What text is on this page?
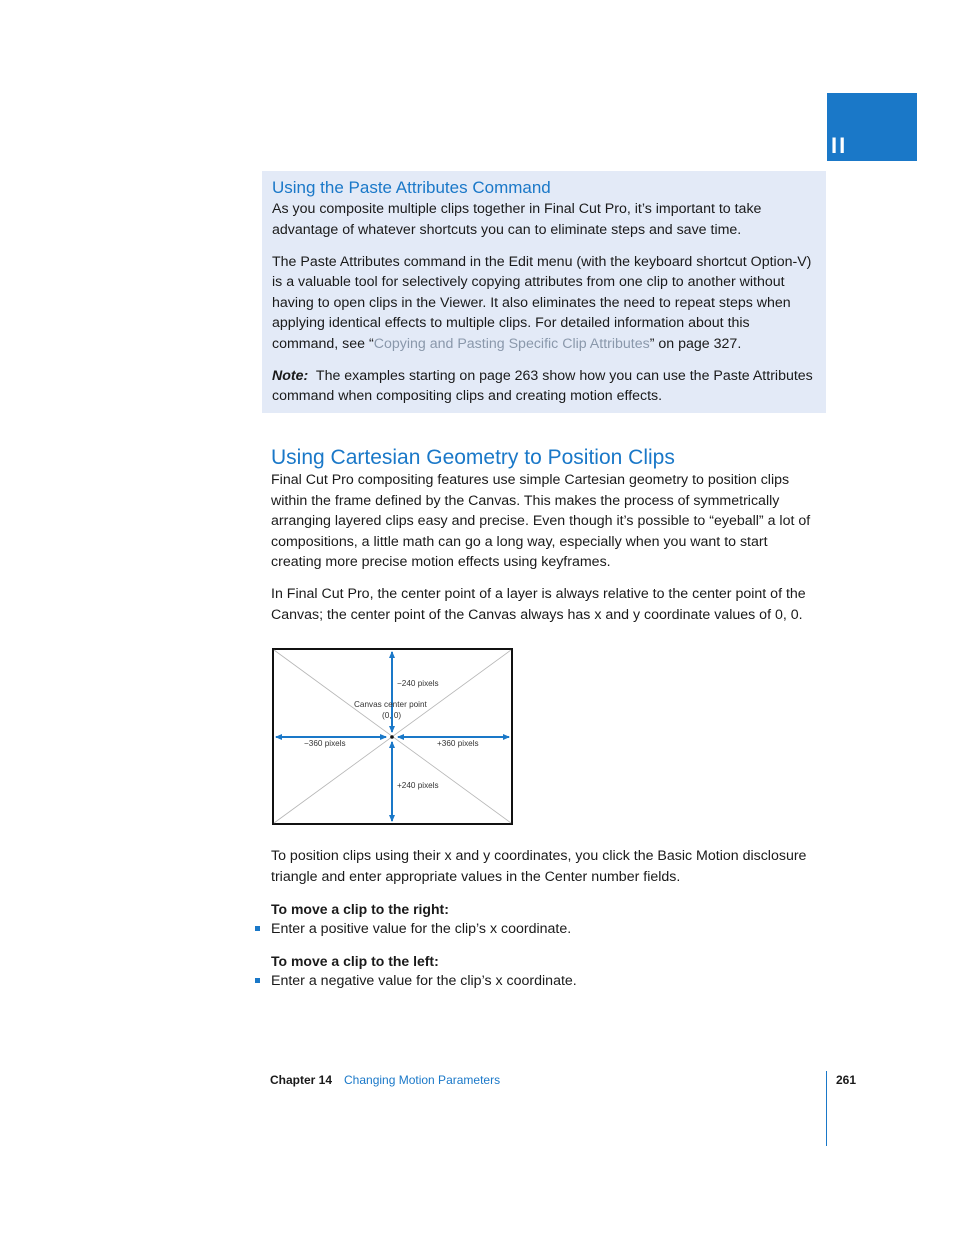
II
Using the Paste Attributes Command

As you composite multiple clips together in Final Cut Pro, it’s important to take advantage of whatever shortcuts you can to eliminate steps and save time.

The Paste Attributes command in the Edit menu (with the keyboard shortcut Option-V) is a valuable tool for selectively copying attributes from one clip to another without having to open clips in the Viewer. It also eliminates the need to repeat steps when applying identical effects to multiple clips. For detailed information about this command, see “Copying and Pasting Specific Clip Attributes” on page 327.

Note: The examples starting on page 263 show how you can use the Paste Attributes command when compositing clips and creating motion effects.

Using Cartesian Geometry to Position Clips

Final Cut Pro compositing features use simple Cartesian geometry to position clips within the frame defined by the Canvas. This makes the process of symmetrically arranging layered clips easy and precise. Even though it’s possible to “eyeball” a lot of compositions, a little math can go a long way, especially when you want to start creating more precise motion effects using keyframes.

In Final Cut Pro, the center point of a layer is always relative to the center point of the Canvas; the center point of the Canvas always has x and y coordinate values of 0, 0.

−240 pixels
Canvas center point
(0, 0)
−360 pixels	+360 pixels
+240 pixels

To position clips using their x and y coordinates, you click the Basic Motion disclosure triangle and enter appropriate values in the Center number fields.

To move a clip to the right:

Enter a positive value for the clip’s x coordinate.

To move a clip to the left:

Enter a negative value for the clip’s x coordinate.

Chapter 14 Changing Motion Parameters	261
